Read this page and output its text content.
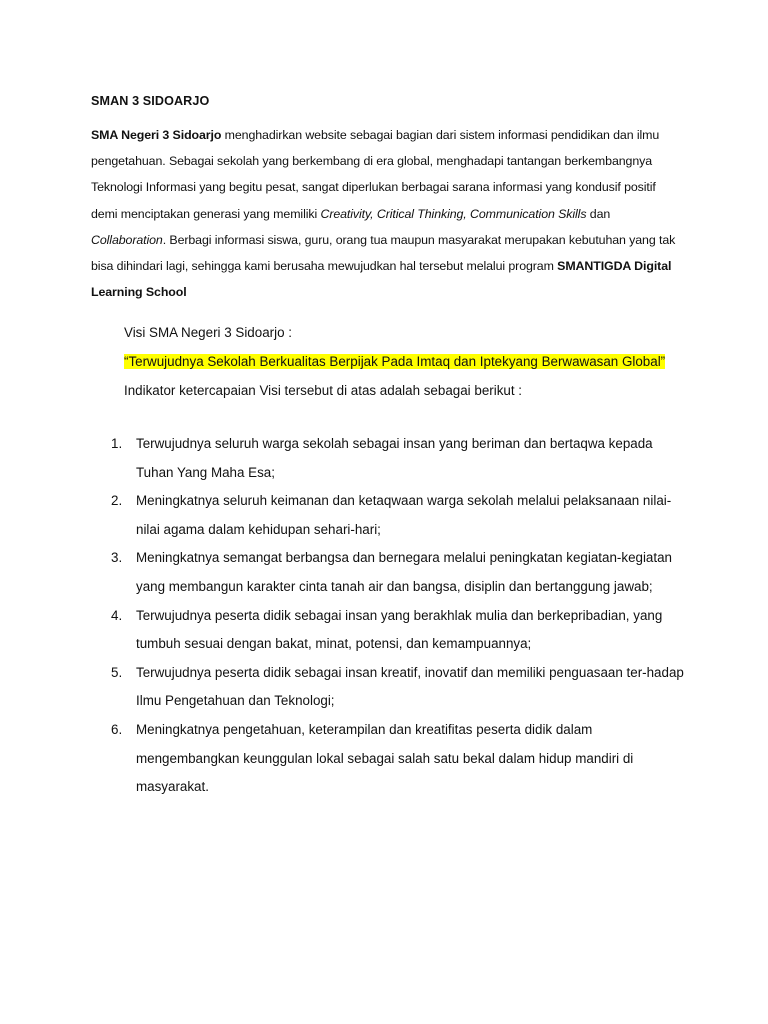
SMAN 3 SIDOARJO

SMA Negeri 3 Sidoarjo menghadirkan website sebagai bagian dari sistem informasi pendidikan dan ilmu pengetahuan. Sebagai sekolah yang berkembang di era global, menghadapi tantangan berkembangnya Teknologi Informasi yang begitu pesat, sangat diperlukan berbagai sarana informasi yang kondusif positif demi menciptakan generasi yang memiliki Creativity, Critical Thinking, Communication Skills dan Collaboration. Berbagi informasi siswa, guru, orang tua maupun masyarakat merupakan kebutuhan yang tak bisa dihindari lagi, sehingga kami berusaha mewujudkan hal tersebut melalui program SMANTIGDA Digital Learning School

Visi SMA Negeri 3 Sidoarjo :
“Terwujudnya Sekolah Berkualitas Berpijak Pada Imtaq dan Iptekyang Berwawasan Global”
Indikator ketercapaian Visi tersebut di atas adalah sebagai berikut :
1. Terwujudnya seluruh warga sekolah sebagai insan yang beriman dan bertaqwa kepada Tuhan Yang Maha Esa;
2. Meningkatnya seluruh keimanan dan ketaqwaan warga sekolah melalui pelaksanaan nilai-nilai agama dalam kehidupan sehari-hari;
3. Meningkatnya semangat berbangsa dan bernegara melalui peningkatan kegiatan-kegiatan yang membangun karakter cinta tanah air dan bangsa, disiplin dan bertanggung jawab;
4. Terwujudnya peserta didik sebagai insan yang berakhlak mulia dan berkepribadian, yang tumbuh sesuai dengan bakat, minat, potensi, dan kemampuannya;
5. Terwujudnya peserta didik sebagai insan kreatif, inovatif dan memiliki penguasaan ter-hadap Ilmu Pengetahuan dan Teknologi;
6. Meningkatnya pengetahuan, keterampilan dan kreatifitas peserta didik dalam mengembangkan keunggulan lokal sebagai salah satu bekal dalam hidup mandiri di masyarakat.
